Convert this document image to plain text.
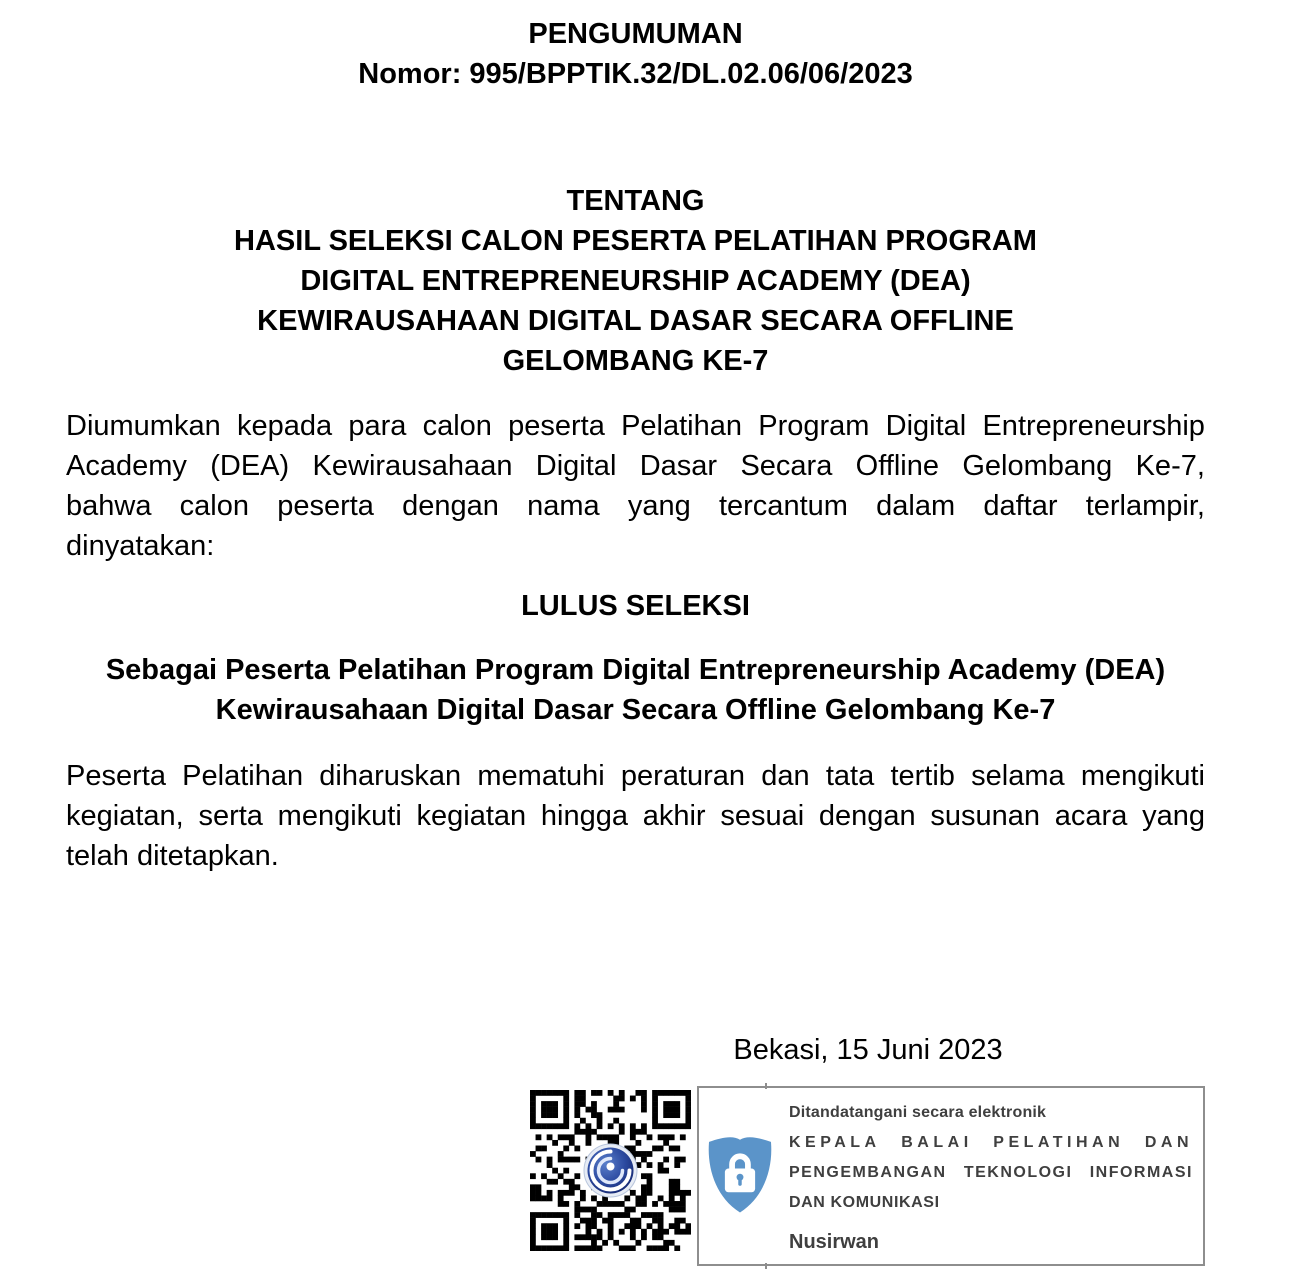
PENGUMUMAN
Nomor: 995/BPPTIK.32/DL.02.06/06/2023
TENTANG
HASIL SELEKSI CALON PESERTA PELATIHAN PROGRAM
DIGITAL ENTREPRENEURSHIP ACADEMY (DEA)
KEWIRAUSAHAAN DIGITAL DASAR SECARA OFFLINE
GELOMBANG KE-7
Diumumkan kepada para calon peserta Pelatihan Program Digital Entrepreneurship
Academy (DEA) Kewirausahaan Digital Dasar Secara Offline Gelombang Ke-7,
bahwa calon peserta dengan nama yang tercantum dalam daftar terlampir,
dinyatakan:
LULUS SELEKSI
Sebagai Peserta Pelatihan Program Digital Entrepreneurship Academy (DEA)
Kewirausahaan Digital Dasar Secara Offline Gelombang Ke-7
Peserta Pelatihan diharuskan mematuhi peraturan dan tata tertib selama mengikuti
kegiatan, serta mengikuti kegiatan hingga akhir sesuai dengan susunan acara yang
telah ditetapkan.
Bekasi, 15 Juni 2023
Ditandatangani secara elektronik
KEPALA BALAI PELATIHAN DAN
PENGEMBANGAN TEKNOLOGI INFORMASI
DAN KOMUNIKASI
Nusirwan
